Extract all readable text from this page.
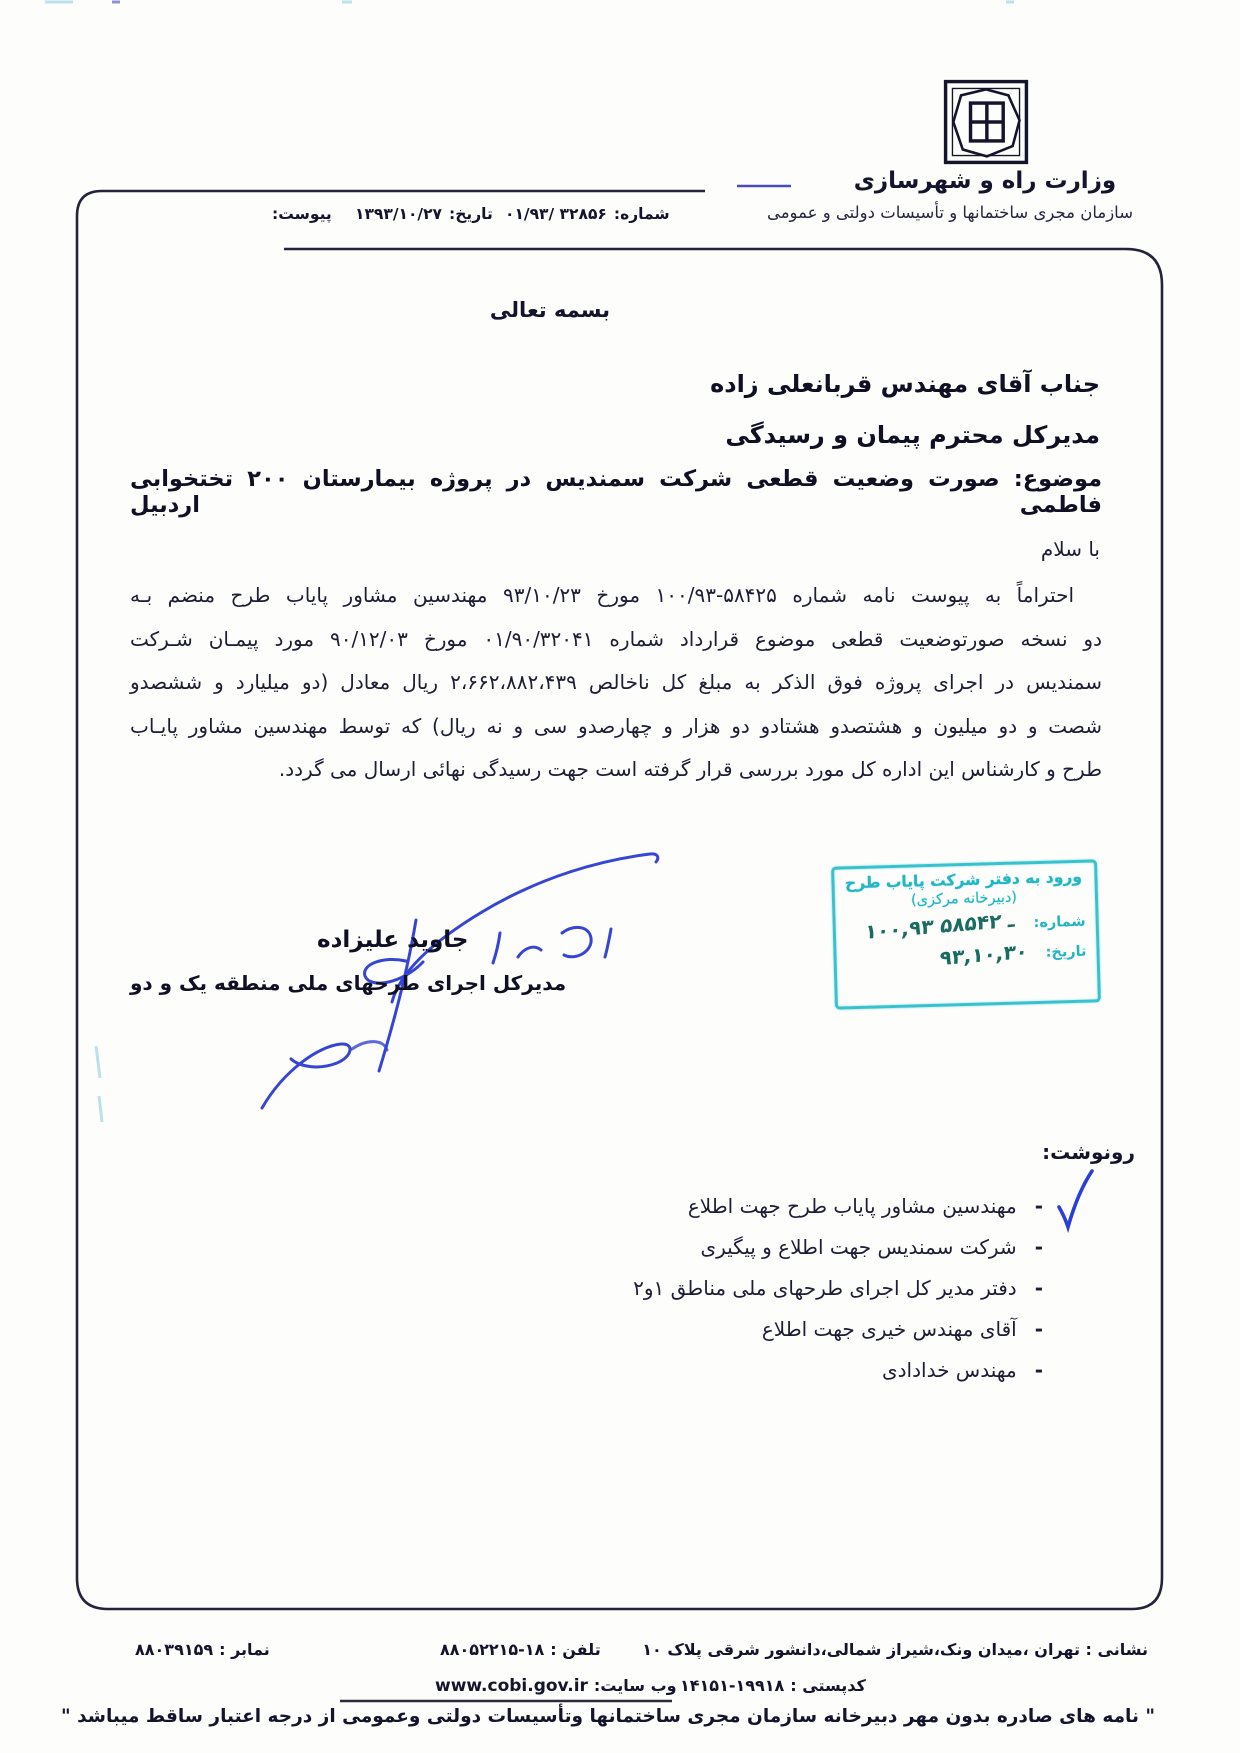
وزارت راه و شهرسازی
سازمان مجری ساختمانها و تأسیسات دولتی و عمومی
شماره:
۰۱/۹۳/ ۳۲۸۵۶
تاریخ:
۱۳۹۳/۱۰/۲۷
پیوست:
بسمه تعالی
جناب آقای مهندس قربانعلی زاده
مدیرکل محترم پیمان و رسیدگی
موضوع: صورت وضعیت قطعی شرکت سمندیس در پروژه بیمارستان ۲۰۰ تختخوابی فاطمی اردبیل
با سلام
احتراماً به پیوست نامه شماره ‪۱۰۰/۹۳-۵۸۴۲۵‬ مورخ ‪۹۳/۱۰/۲۳‬ مهندسین مشاور پایاب طرح منضم بـه
دو نسخه صورتوضعیت قطعی موضوع قرارداد شماره ‪۰۱/۹۰/۳۲۰۴۱‬ مورخ ‪۹۰/۱۲/۰۳‬ مورد پیمـان شـرکت
سمندیس در اجرای پروژه فوق الذکر به مبلغ کل ناخالص ‪۲،۶۶۲،۸۸۲،۴۳۹‬ ریال معادل (دو میلیارد و ششصدو
شصت و دو میلیون و هشتصدو هشتادو دو هزار و چهارصدو سی و نه ریال) که توسط مهندسین مشاور پایـاب
طرح و کارشناس این اداره کل مورد بررسی قرار گرفته است جهت رسیدگی نهائی ارسال می گردد.
جاوید علیزاده
مدیرکل اجرای طرحهای ملی منطقه یک و دو
ورود به دفتر شرکت پایاب طرح
(دبیرخانه مرکزی)
شماره:
۱۰۰,۹۳ ـ ۵۸۵۴۲
تاریخ:
۹۳,۱۰,۳۰
رونوشت:
-
مهندسین مشاور پایاب طرح جهت اطلاع
-
شرکت سمندیس جهت اطلاع و پیگیری
-
دفتر مدیر کل اجرای طرحهای ملی مناطق ۱و۲
-
آقای مهندس خیری جهت اطلاع
-
مهندس خدادادی
نشانی : تهران ،میدان ونک،شیراز شمالی،دانشور شرقی پلاک ۱۰
تلفن :
۸۸۰۵۲۲۱۵-۱۸
نمابر :
۸۸۰۳۹۱۵۹
کدپستی :
۱۴۱۵۱-۱۹۹۱۸
وب سایت:
www.cobi.gov.ir
" نامه های صادره بدون مهر دبیرخانه سازمان مجری ساختمانها وتأسیسات دولتی وعمومی از درجه اعتبار ساقط میباشد "
